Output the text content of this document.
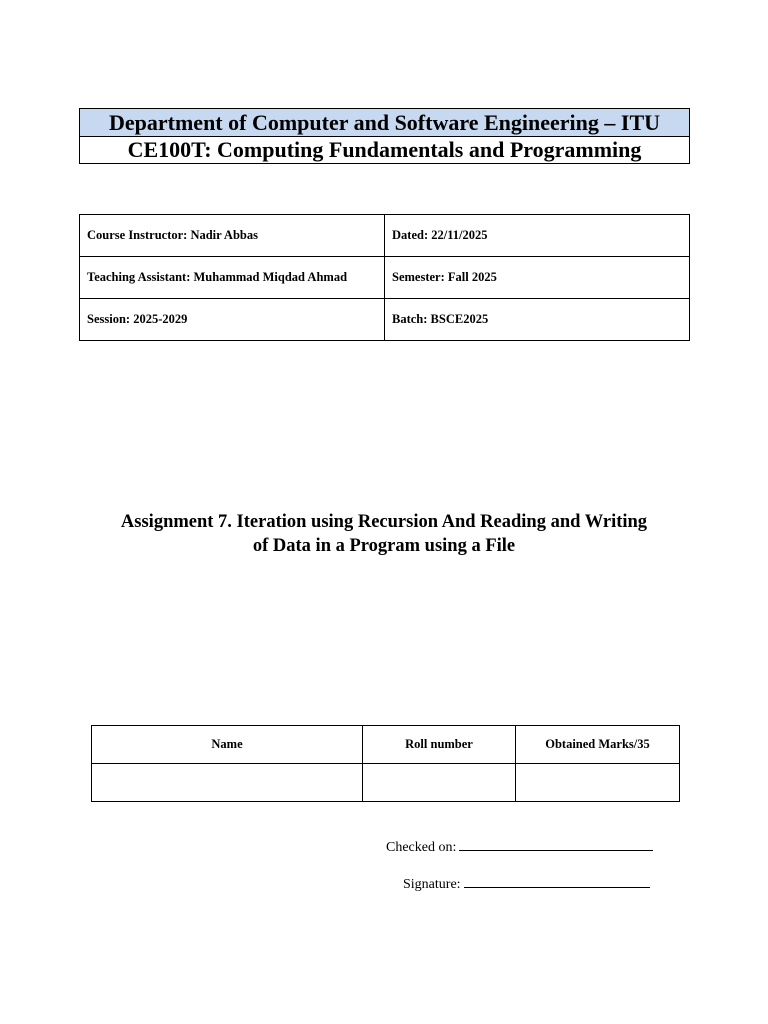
Department of Computer and Software Engineering – ITU
CE100T: Computing Fundamentals and Programming
Course Instructor: Nadir Abbas	Dated: 22/11/2025
Teaching Assistant: Muhammad Miqdad Ahmad	Semester: Fall 2025
Session: 2025-2029	Batch: BSCE2025
Assignment 7. Iteration using Recursion And Reading and Writing
of Data in a Program using a File
Name	Roll number	Obtained Marks/35

Checked on:
Signature:
